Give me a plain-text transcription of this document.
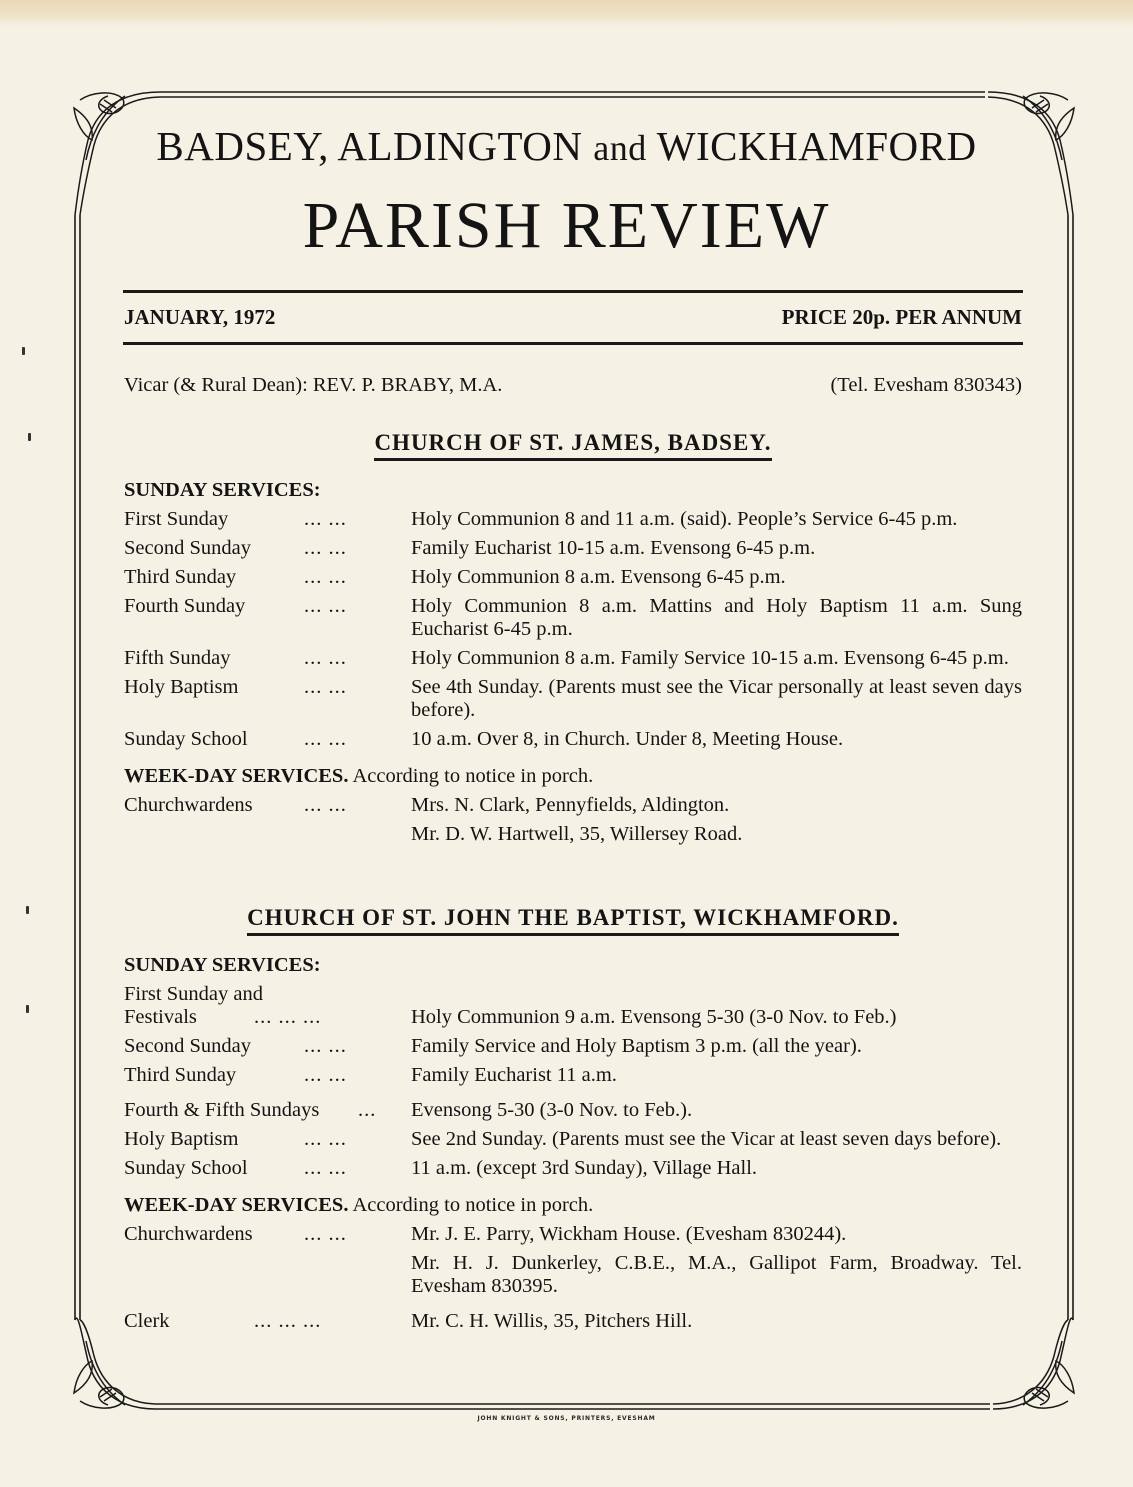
BADSEY, ALDINGTON and WICKHAMFORD
PARISH REVIEW
JANUARY, 1972	PRICE 20p. PER ANNUM
Vicar (& Rural Dean): REV. P. BRABY, M.A.	(Tel. Evesham 830343)
CHURCH OF ST. JAMES, BADSEY.
SUNDAY SERVICES:
First Sunday	... ...	Holy Communion 8 and 11 a.m. (said). People’s Service 6-45 p.m.
Second Sunday	... ...	Family Eucharist 10-15 a.m. Evensong 6-45 p.m.
Third Sunday	... ...	Holy Communion 8 a.m. Evensong 6-45 p.m.
Fourth Sunday	... ...	Holy Communion 8 a.m. Mattins and Holy Baptism 11 a.m. Sung Eucharist 6-45 p.m.
Fifth Sunday	... ...	Holy Communion 8 a.m. Family Service 10-15 a.m. Evensong 6-45 p.m.
Holy Baptism	... ...	See 4th Sunday. (Parents must see the Vicar personally at least seven days before).
Sunday School	... ...	10 a.m. Over 8, in Church. Under 8, Meeting House.
WEEK-DAY SERVICES. According to notice in porch.
Churchwardens	... ...	Mrs. N. Clark, Pennyfields, Aldington.
Mr. D. W. Hartwell, 35, Willersey Road.
CHURCH OF ST. JOHN THE BAPTIST, WICKHAMFORD.
SUNDAY SERVICES:
First Sunday and
Festivals	... ... ...	Holy Communion 9 a.m. Evensong 5-30 (3-0 Nov. to Feb.)
Second Sunday	... ...	Family Service and Holy Baptism 3 p.m. (all the year).
Third Sunday	... ...	Family Eucharist 11 a.m.
Fourth & Fifth Sundays	...	Evensong 5-30 (3-0 Nov. to Feb.).
Holy Baptism	... ...	See 2nd Sunday. (Parents must see the Vicar at least seven days before).
Sunday School	... ...	11 a.m. (except 3rd Sunday), Village Hall.
WEEK-DAY SERVICES. According to notice in porch.
Churchwardens	... ...	Mr. J. E. Parry, Wickham House. (Evesham 830244).
Mr. H. J. Dunkerley, C.B.E., M.A., Gallipot Farm, Broadway. Tel. Evesham 830395.
Clerk	... ... ...	Mr. C. H. Willis, 35, Pitchers Hill.
JOHN KNIGHT & SONS, PRINTERS, EVESHAM
